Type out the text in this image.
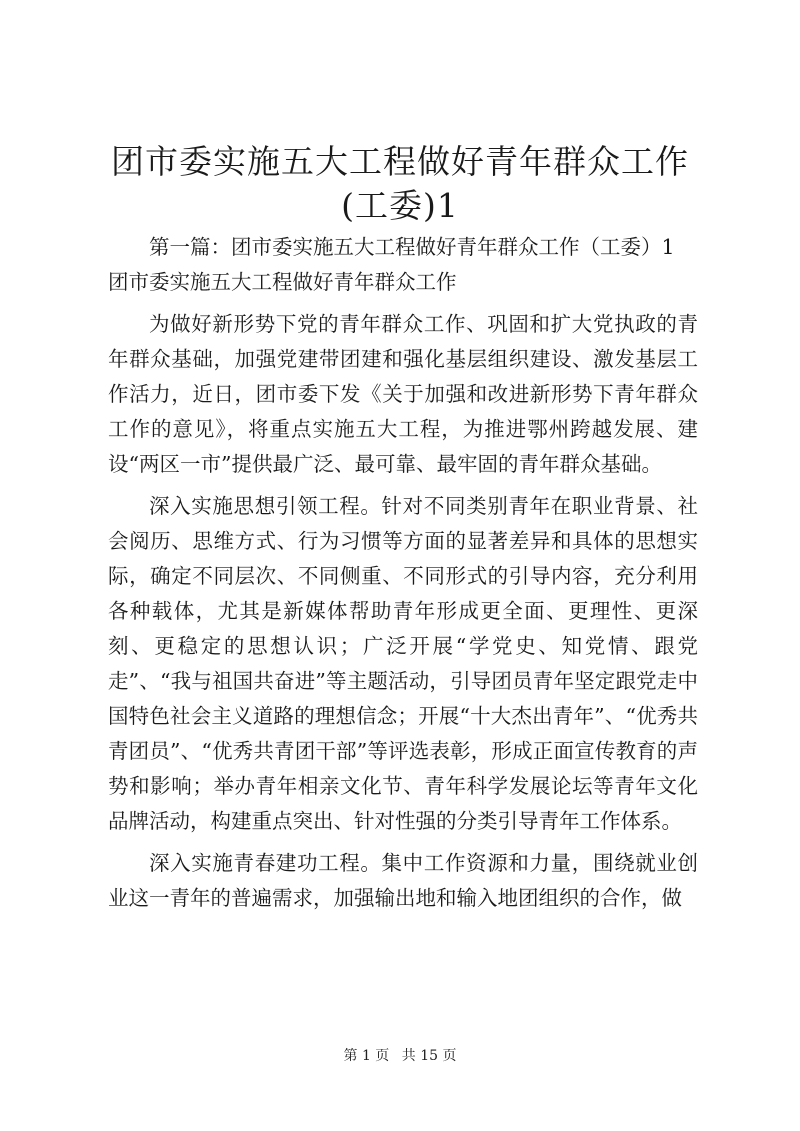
团市委实施五大工程做好青年群众工作(工委)1

第一篇：团市委实施五大工程做好青年群众工作（工委）1

团市委实施五大工程做好青年群众工作

为做好新形势下党的青年群众工作、巩固和扩大党执政的青年群众基础，加强党建带团建和强化基层组织建设、激发基层工作活力，近日，团市委下发《关于加强和改进新形势下青年群众工作的意见》，将重点实施五大工程，为推进鄂州跨越发展、建设“两区一市”提供最广泛、最可靠、最牢固的青年群众基础。

深入实施思想引领工程。针对不同类别青年在职业背景、社会阅历、思维方式、行为习惯等方面的显著差异和具体的思想实际，确定不同层次、不同侧重、不同形式的引导内容，充分利用各种载体，尤其是新媒体帮助青年形成更全面、更理性、更深刻、更稳定的思想认识；广泛开展“学党史、知党情、跟党走”、“我与祖国共奋进”等主题活动，引导团员青年坚定跟党走中国特色社会主义道路的理想信念；开展“十大杰出青年”、“优秀共青团员”、“优秀共青团干部”等评选表彰，形成正面宣传教育的声势和影响；举办青年相亲文化节、青年科学发展论坛等青年文化品牌活动，构建重点突出、针对性强的分类引导青年工作体系。

深入实施青春建功工程。集中工作资源和力量，围绕就业创业这一青年的普遍需求，加强输出地和输入地团组织的合作，做

第 1 页 共 15 页
